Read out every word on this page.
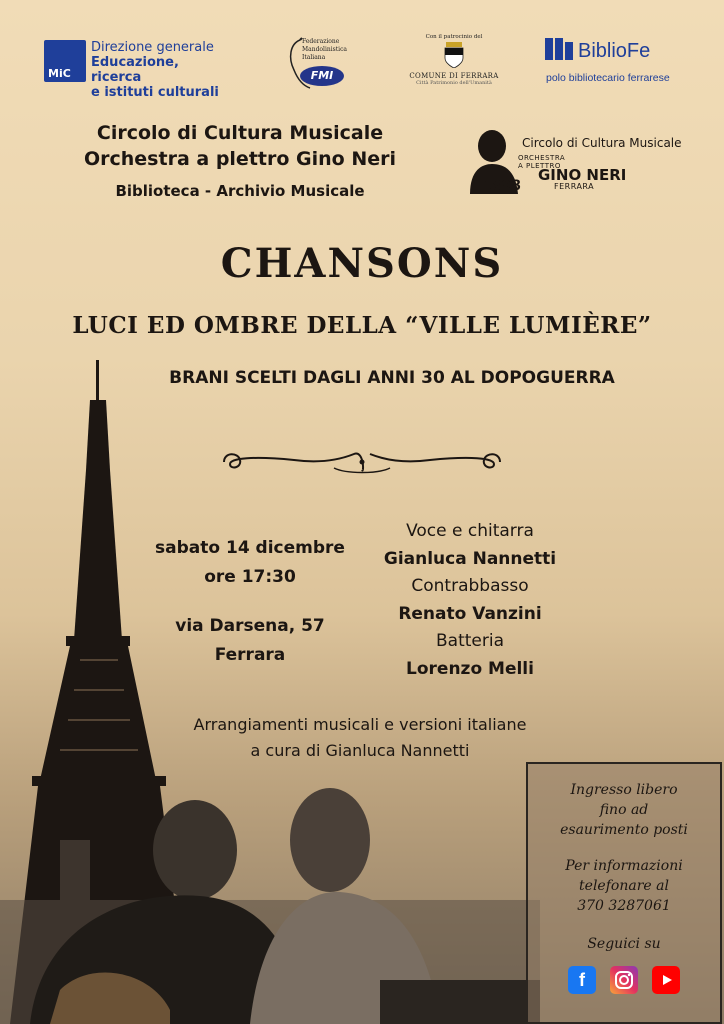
MiC
Direzione generale
Educazione, ricerca
e istituti culturali
Federazione
Mandolinistica
Italiana
FMI
Con il patrocinio del
COMUNE DI FERRARA
Città Patrimonio dell'Umanità
BiblioFe
polo bibliotecario ferrarese
Circolo di Cultura Musicale
Orchestra a plettro Gino Neri
Biblioteca - Archivio Musicale
Circolo di Cultura Musicale
ORCHESTRA
A PLETTRO
GINO NERI
FERRARA
1898
CHANSONS
LUCI ED OMBRE DELLA “VILLE LUMIÈRE”
BRANI SCELTI DAGLI ANNI 30 AL DOPOGUERRA
sabato 14 dicembre
ore 17:30
via Darsena, 57
Ferrara
Voce e chitarra
Gianluca Nannetti
Contrabbasso
Renato Vanzini
Batteria
Lorenzo Melli
Arrangiamenti musicali e versioni italiane
a cura di Gianluca Nannetti
Ingresso libero
fino ad
esaurimento posti
Per informazioni
telefonare al
370 3287061
Seguici su
f
